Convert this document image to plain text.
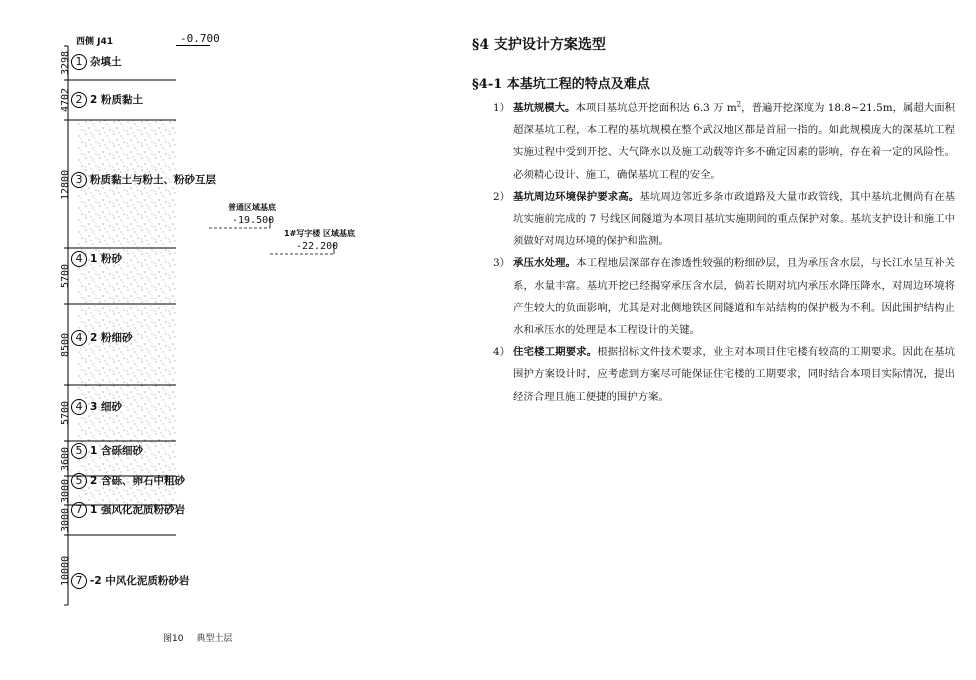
西侧 J41	-0.700
3298 1 杂填土
4702 2 2 粉质黏土
12800 3 粉质黏土与粉土、粉砂互层
5700
4 1 粉砂
8500 4 2 粉细砂
5700 4 3 细砂
3600 5 1 含砾细砂
3000 5 2 含砾、卵石中粗砂
3000 7 1 强风化泥质粉砂岩
10000 7 -2 中风化泥质粉砂岩
普通区域基底
-19.500
1#写字楼 区域基底
-22.200
图10 典型土层
§4 支护设计方案选型
§4-1 本基坑工程的特点及难点
1） 基坑规模大。本项目基坑总开挖面积达 6.3 万 $m^2$，普遍开挖深度为 18.8~21.5m，属超大面积超深基坑工程，本工程的基坑规模在整个武汉地区都是首屈一指的。如此规模庞大的深基坑工程实施过程中受到开挖、大气降水以及施工动载等许多不确定因素的影响，存在着一定的风险性。必须精心设计、施工，确保基坑工程的安全。
2） 基坑周边环境保护要求高。基坑周边邻近多条市政道路及大量市政管线，其中基坑北侧尚有在基坑实施前完成的 7 号线区间隧道为本项目基坑实施期间的重点保护对象。基坑支护设计和施工中须做好对周边环境的保护和监测。
3） 承压水处理。本工程地层深部存在渗透性较强的粉细砂层，且为承压含水层，与长江水呈互补关系，水量丰富。基坑开挖已经揭穿承压含水层，倘若长期对坑内承压水降压降水，对周边环境将产生较大的负面影响，尤其是对北侧地铁区间隧道和车站结构的保护极为不利。因此围护结构止水和承压水的处理是本工程设计的关键。
4） 住宅楼工期要求。根据招标文件技术要求，业主对本项目住宅楼有较高的工期要求。因此在基坑围护方案设计时，应考虑到方案尽可能保证住宅楼的工期要求，同时结合本项目实际情况，提出经济合理且施工便捷的围护方案。
